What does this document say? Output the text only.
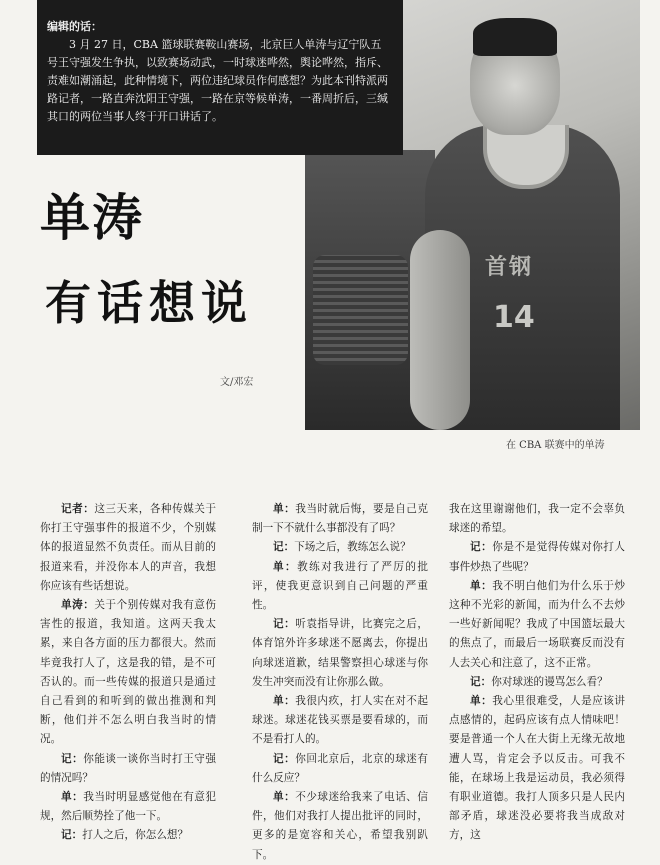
首钢
14
编辑的话：
3 月 27 日，CBA 篮球联赛鞍山赛场，北京巨人单涛与辽宁队五号王守强发生争执，以致赛场动武，一时球迷哗然，舆论哗然，指斥、责难如潮涌起，此种情境下，两位违纪球员作何感想？为此本刊特派两路记者，一路直奔沈阳王守强，一路在京等候单涛，一番周折后，三缄其口的两位当事人终于开口讲话了。
单涛
有话想说
文/邓宏
在 CBA 联赛中的单涛

记者：这三天来，各种传媒关于你打王守强事件的报道不少，个别媒体的报道显然不负责任。而从目前的报道来看，并没你本人的声音，我想你应该有些话想说。

单涛：关于个别传媒对我有意伤害性的报道，我知道。这两天我太累，来自各方面的压力都很大。然而毕竟我打人了，这是我的错，是不可否认的。而一些传媒的报道只是通过自己看到的和听到的做出推测和判断，他们并不怎么明白我当时的情况。

记：你能谈一谈你当时打王守强的情况吗？

单：我当时明显感觉他在有意犯规，然后顺势拴了他一下。

记：打人之后，你怎么想？

单：我当时就后悔，要是自己克制一下不就什么事都没有了吗？

记：下场之后，教练怎么说？

单：教练对我进行了严厉的批评，使我更意识到自己问题的严重性。

记：听袁指导讲，比赛完之后，体育馆外许多球迷不愿离去，你提出向球迷道歉，结果警察担心球迷与你发生冲突而没有让你那么做。

单：我很内疚，打人实在对不起球迷。球迷花钱买票是要看球的，而不是看打人的。

记：你回北京后，北京的球迷有什么反应？

单：不少球迷给我来了电话、信件，他们对我打人提出批评的同时，更多的是宽容和关心，希望我别趴下。

我在这里谢谢他们，我一定不会辜负球迷的希望。

记：你是不是觉得传媒对你打人事件炒热了些呢？

单：我不明白他们为什么乐于炒这种不光彩的新闻，而为什么不去炒一些好新闻呢？我成了中国篮坛最大的焦点了，而最后一场联赛反而没有人去关心和注意了，这不正常。

记：你对球迷的谩骂怎么看？

单：我心里很难受，人是应该讲点感情的，起码应该有点人情味吧！要是普通一个人在大街上无缘无故地遭人骂，肯定会予以反击。可我不能，在球场上我是运动员，我必须得有职业道德。我打人顶多只是人民内部矛盾，球迷没必要将我当成敌对方，这
